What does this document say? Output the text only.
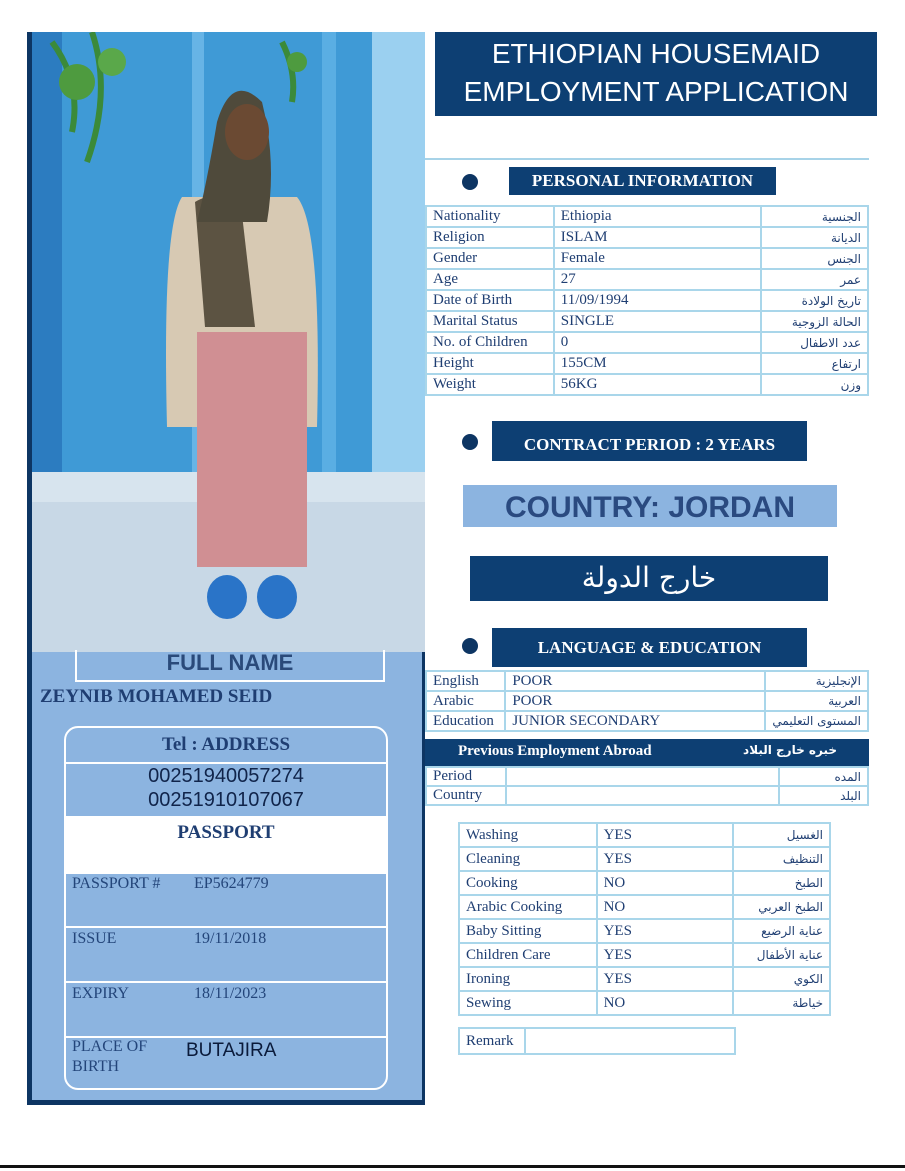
FULL NAME
ZEYNIB MOHAMED SEID
Tel : ADDRESS
00251940057274
00251910107067
PASSPORT
PASSPORT # EP5624779
ISSUE	19/11/2018
EXPIRY	18/11/2023
PLACE OF
BIRTH
BUTAJIRA
ETHIOPIAN HOUSEMAID
EMPLOYMENT APPLICATION
PERSONAL INFORMATION
Nationality	Ethiopia	الجنسية
Religion	ISLAM	الديانة
Gender	Female	الجنس
Age	27	عمر
Date of Birth	11/09/1994	تاريخ الولادة
Marital Status	SINGLE	الحالة الزوجية
No. of Children	0	عدد الاطفال
Height	155CM	ارتفاع
Weight	56KG	وزن
CONTRACT PERIOD : 2 YEARS
COUNTRY: JORDAN
خارج الدولة
LANGUAGE & EDUCATION
English	POOR	الإنجليزية
Arabic	POOR	العربية
Education	JUNIOR SECONDARY	المستوى التعليمي
Previous Employment Abroad	خبره خارج البلاد
Period		المده
Country		البلد
Washing	YES	الغسيل
Cleaning	YES	التنظيف
Cooking	NO	الطبخ
Arabic Cooking	NO	الطبخ العربي
Baby Sitting	YES	عناية الرضيع
Children Care	YES	عناية الأطفال
Ironing	YES	الكوي
Sewing	NO	خياطة
Remark	
